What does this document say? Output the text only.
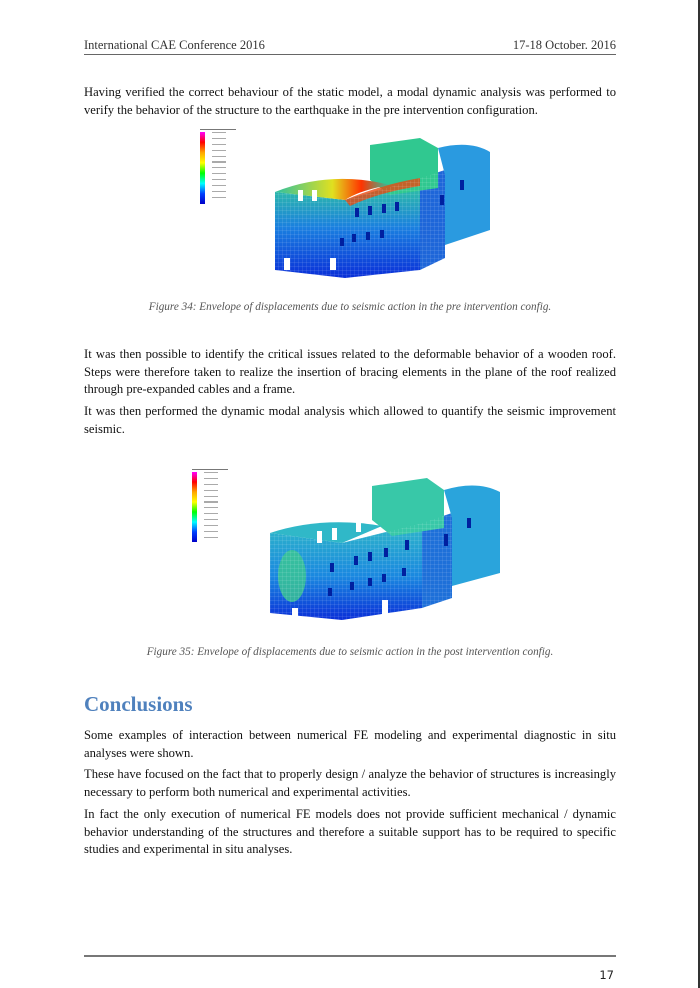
International CAE Conference 2016	17-18 October. 2016

Having verified the correct behaviour of the static model, a modal dynamic analysis was performed to verify the behavior of the structure to the earthquake in the pre intervention configuration.

Figure 34: Envelope of displacements due to seismic action in the pre intervention config.

It was then possible to identify the critical issues related to the deformable behavior of a wooden roof. Steps were therefore taken to realize the insertion of bracing elements in the plane of the roof realized through pre-expanded cables and a frame.

It was then performed the dynamic modal analysis which allowed to quantify the seismic improvement seismic.

Figure 35: Envelope of displacements due to seismic action in the post intervention config.
Conclusions

Some examples of interaction between numerical FE modeling and experimental diagnostic in situ analyses were shown.

These have focused on the fact that to properly design / analyze the behavior of structures is increasingly necessary to perform both numerical and experimental activities.

In fact the only execution of numerical FE models does not provide sufficient mechanical / dynamic behavior understanding of the structures and therefore a suitable support has to be required to specific studies and experimental in situ analyses.

17
